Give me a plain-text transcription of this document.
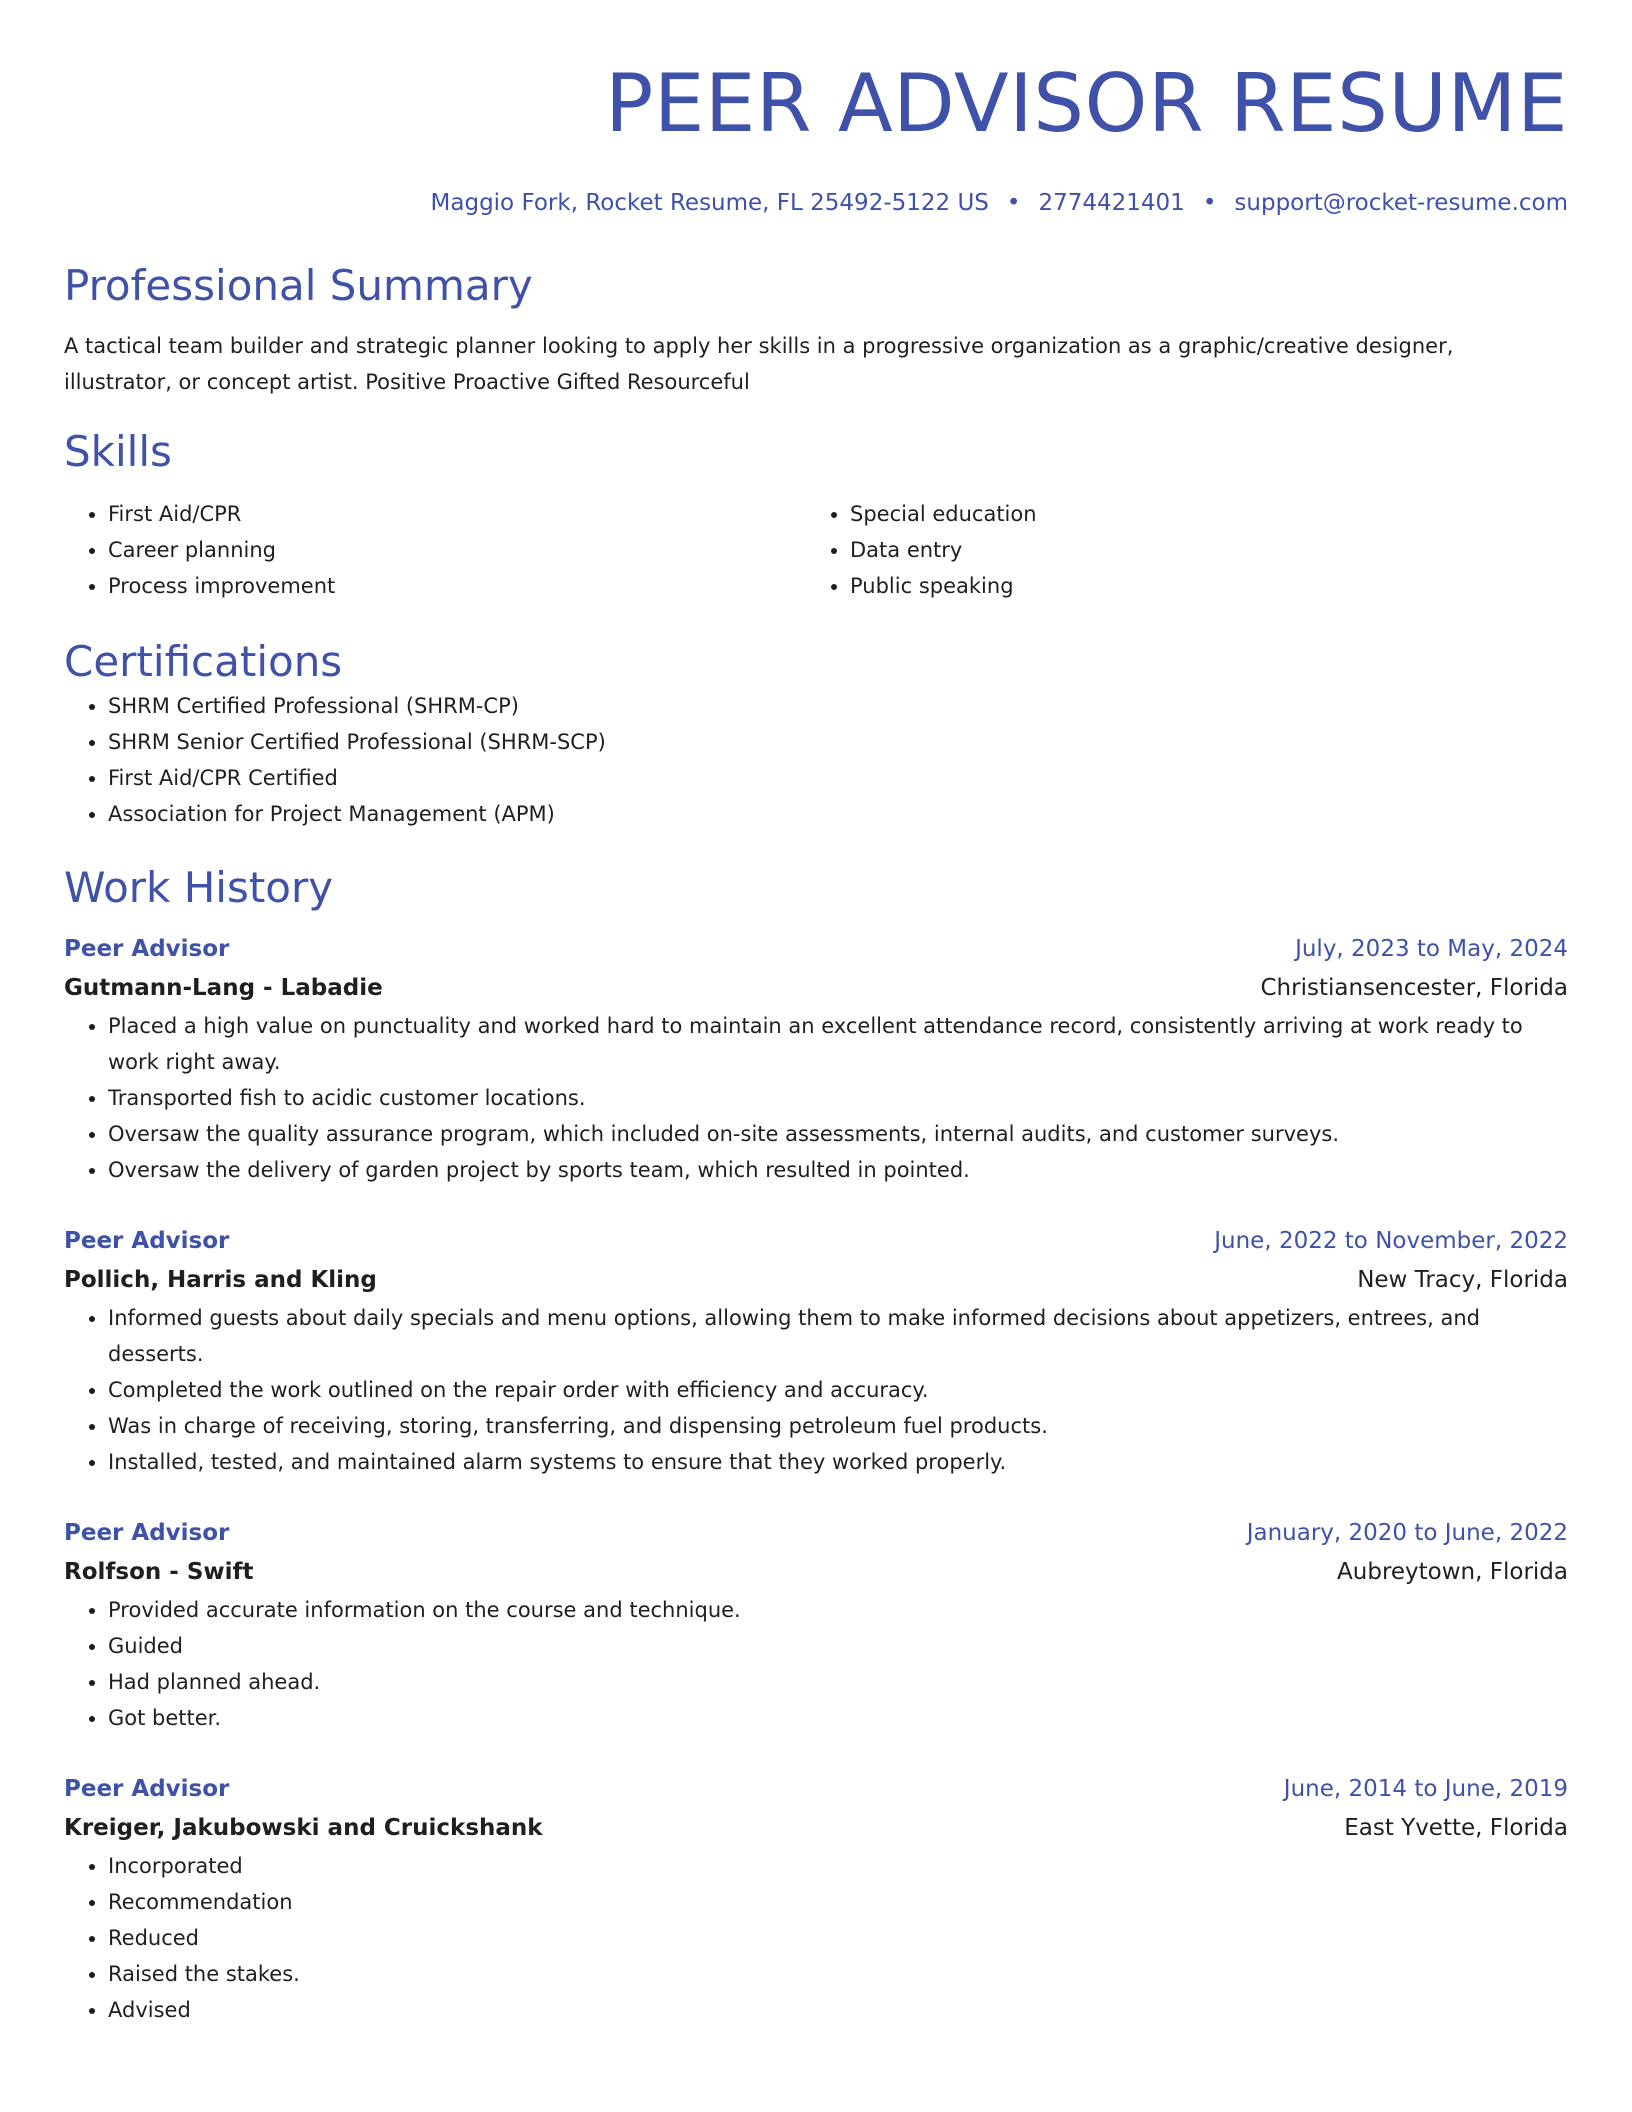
PEER ADVISOR RESUME
Maggio Fork, Rocket Resume, FL 25492-5122 US • 2774421401 • support@rocket-resume.com
Professional Summary
A tactical team builder and strategic planner looking to apply her skills in a progressive organization as a graphic/creative designer, illustrator, or concept artist. Positive Proactive Gifted Resourceful
Skills
• First Aid/CPR
• Career planning
• Process improvement
• Special education
• Data entry
• Public speaking
Certifications
• SHRM Certified Professional (SHRM-CP)
• SHRM Senior Certified Professional (SHRM-SCP)
• First Aid/CPR Certified
• Association for Project Management (APM)
Work History
Peer Advisor	July, 2023 to May, 2024
Gutmann-Lang - Labadie	Christiansencester, Florida
• Placed a high value on punctuality and worked hard to maintain an excellent attendance record, consistently arriving at work ready to work right away.
• Transported fish to acidic customer locations.
• Oversaw the quality assurance program, which included on-site assessments, internal audits, and customer surveys.
• Oversaw the delivery of garden project by sports team, which resulted in pointed.
Peer Advisor	June, 2022 to November, 2022
Pollich, Harris and Kling	New Tracy, Florida
• Informed guests about daily specials and menu options, allowing them to make informed decisions about appetizers, entrees, and desserts.
• Completed the work outlined on the repair order with efficiency and accuracy.
• Was in charge of receiving, storing, transferring, and dispensing petroleum fuel products.
• Installed, tested, and maintained alarm systems to ensure that they worked properly.
Peer Advisor	January, 2020 to June, 2022
Rolfson - Swift	Aubreytown, Florida
• Provided accurate information on the course and technique.
• Guided
• Had planned ahead.
• Got better.
Peer Advisor	June, 2014 to June, 2019
Kreiger, Jakubowski and Cruickshank	East Yvette, Florida
• Incorporated
• Recommendation
• Reduced
• Raised the stakes.
• Advised
